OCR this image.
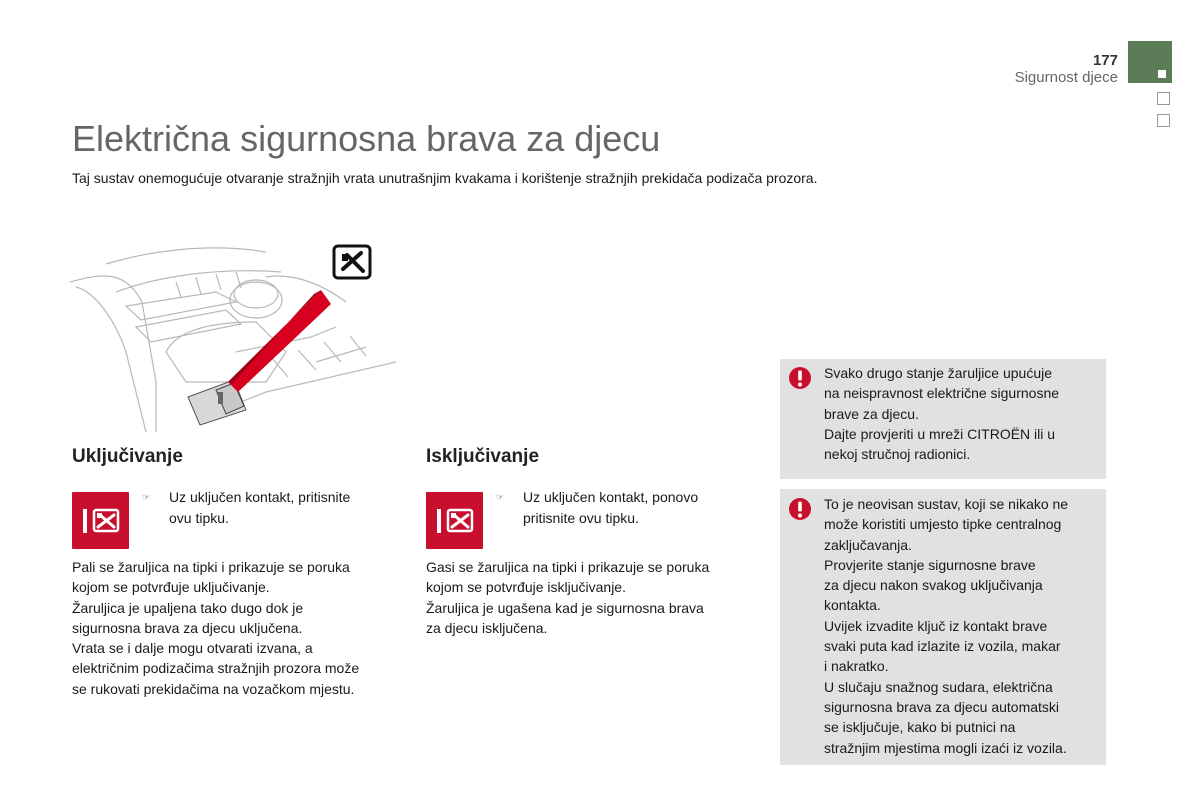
177
Sigurnost djece
Električna sigurnosna brava za djecu
Taj sustav onemogućuje otvaranje stražnjih vrata unutrašnjim kvakama i korištenje stražnjih prekidača podizača prozora.
Uključivanje
☞ Uz uključen kontakt, pritisnite
ovu tipku.
Pali se žaruljica na tipki i prikazuje se poruka
kojom se potvrđuje uključivanje.
Žaruljica je upaljena tako dugo dok je
sigurnosna brava za djecu uključena.
Vrata se i dalje mogu otvarati izvana, a
električnim podizačima stražnjih prozora može
se rukovati prekidačima na vozačkom mjestu.
Isključivanje
☞ Uz uključen kontakt, ponovo
pritisnite ovu tipku.
Gasi se žaruljica na tipki i prikazuje se poruka
kojom se potvrđuje isključivanje.
Žaruljica je ugašena kad je sigurnosna brava
za djecu isključena.
Svako drugo stanje žaruljice upućuje
na neispravnost električne sigurnosne
brave za djecu.
Dajte provjeriti u mreži CITROËN ili u
nekoj stručnoj radionici.
To je neovisan sustav, koji se nikako ne
može koristiti umjesto tipke centralnog
zaključavanja.
Provjerite stanje sigurnosne brave
za djecu nakon svakog uključivanja
kontakta.
Uvijek izvadite ključ iz kontakt brave
svaki puta kad izlazite iz vozila, makar
i nakratko.
U slučaju snažnog sudara, električna
sigurnosna brava za djecu automatski
se isključuje, kako bi putnici na
stražnjim mjestima mogli izaći iz vozila.
